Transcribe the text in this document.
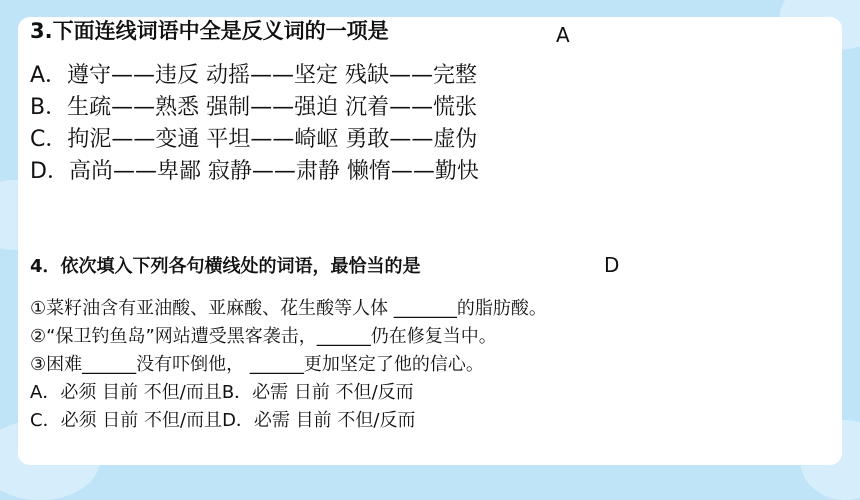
3.下面连线词语中全是反义词的一项是	A
A．遵守——违反 动摇——坚定 残缺——完整
B．生疏——熟悉 强制——强迫 沉着——慌张
C．拘泥——变通 平坦——崎岖 勇敢——虚伪
D．高尚——卑鄙 寂静——肃静 懒惰——勤快
4．依次填入下列各句横线处的词语，最恰当的是	D
①菜籽油含有亚油酸、亚麻酸、花生酸等人体 _______的脂肪酸。
②“保卫钓鱼岛”网站遭受黑客袭击，______仍在修复当中。
③困难______没有吓倒他， ______更加坚定了他的信心。
A．必须 目前 不但/而且B．必需 日前 不但/反而
C．必须 日前 不但/而且D．必需 目前 不但/反而
